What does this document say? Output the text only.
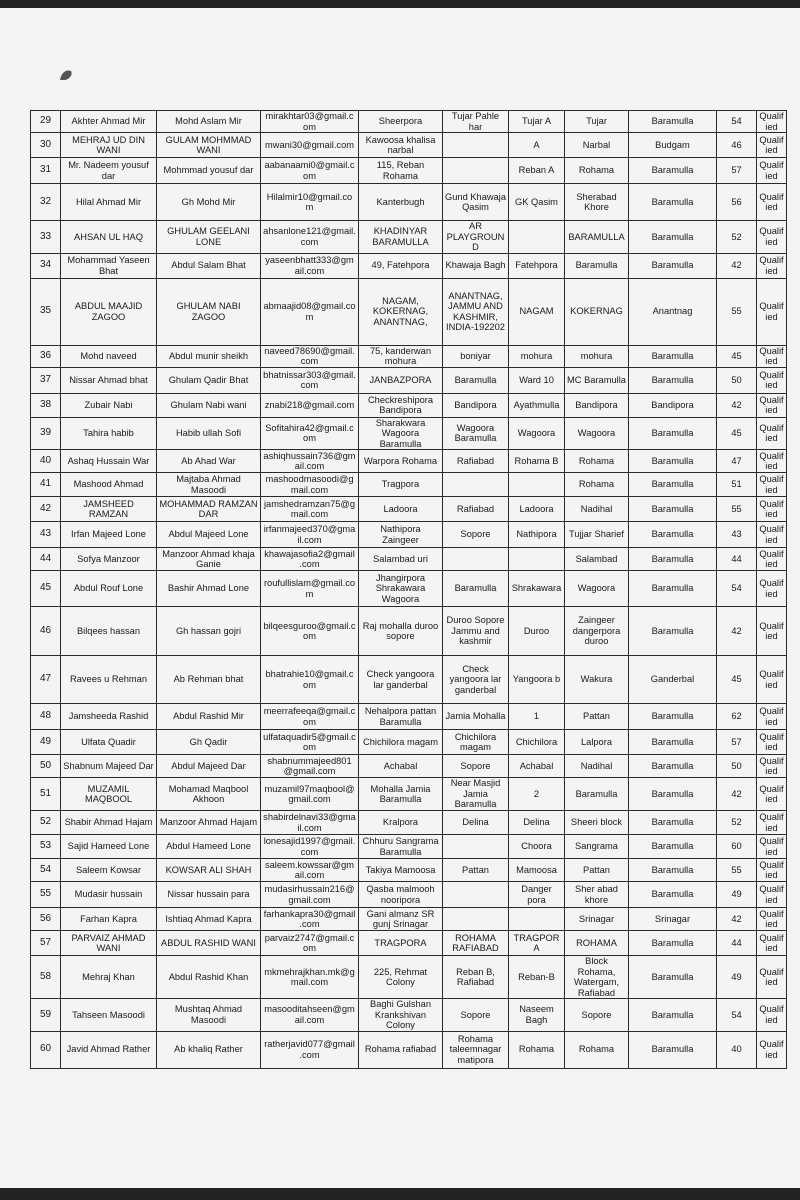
29	Akhter Ahmad Mir	Mohd Aslam Mir	mirakhtar03@gmail.com	Sheerpora	Tujar Pahle har	Tujar A	Tujar	Baramulla	54	Qualified
30	MEHRAJ UD DIN WANI	GULAM MOHMMAD WANI	mwani30@gmail.com	Kawoosa khalisa narbal		A	Narbal	Budgam	46	Qualified
31	Mr. Nadeem yousuf dar	Mohmmad yousuf dar	aabanaami0@gmail.com	115, Reban Rohama		Reban A	Rohama	Baramulla	57	Qualified
32	Hilal Ahmad Mir	Gh Mohd Mir	Hilalmir10@gmail.com	Kanterbugh	Gund Khawaja Qasim	GK Qasim	Sherabad Khore	Baramulla	56	Qualified
33	AHSAN UL HAQ	GHULAM GEELANI LONE	ahsanlone121@gmail.com	KHADINYAR BARAMULLA	AR PLAYGROUND		BARAMULLA	Baramulla	52	Qualified
34	Mohammad Yaseen Bhat	Abdul Salam Bhat	yaseenbhatt333@gmail.com	49, Fatehpora	Khawaja Bagh	Fatehpora	Baramulla	Baramulla	42	Qualified
35	ABDUL MAAJID ZAGOO	GHULAM NABI ZAGOO	abmaajid08@gmail.com	NAGAM, KOKERNAG, ANANTNAG,	ANANTNAG, JAMMU AND KASHMIR, INDIA-192202	NAGAM	KOKERNAG	Anantnag	55	Qualified
36	Mohd naveed	Abdul munir sheikh	naveed78690@gmail.com	75, kanderwan mohura	boniyar	mohura	mohura	Baramulla	45	Qualified
37	Nissar Ahmad bhat	Ghulam Qadir Bhat	bhatnissar303@gmail.com	JANBAZPORA	Baramulla	Ward 10	MC Baramulla	Baramulla	50	Qualified
38	Zubair Nabi	Ghulam Nabi wani	znabi218@gmail.com	Checkreshipora Bandipora	Bandipora	Ayathmulla	Bandipora	Bandipora	42	Qualified
39	Tahira habib	Habib ullah Sofi	Sofitahira42@gmail.com	Sharakwara Wagoora Baramulla	Wagoora Baramulla	Wagoora	Wagoora	Baramulla	45	Qualified
40	Ashaq Hussain War	Ab Ahad War	ashiqhussain736@gmail.com	Warpora Rohama	Rafiabad	Rohama B	Rohama	Baramulla	47	Qualified
41	Mashood Ahmad	Majtaba Ahmad Masoodi	mashoodmasoodi@gmail.com	Tragpora			Rohama	Baramulla	51	Qualified
42	JAMSHEED RAMZAN	MOHAMMAD RAMZAN DAR	jamshedramzan75@gmail.com	Ladoora	Rafiabad	Ladoora	Nadihal	Baramulla	55	Qualified
43	Irfan Majeed Lone	Abdul Majeed Lone	irfanmajeed370@gmail.com	Nathipora Zaingeer	Sopore	Nathipora	Tujjar Sharief	Baramulla	43	Qualified
44	Sofya Manzoor	Manzoor Ahmad khaja Ganie	khawajasofia2@gmail.com	Salambad uri			Salambad	Baramulla	44	Qualified
45	Abdul Rouf Lone	Bashir Ahmad Lone	roufullislam@gmail.com	Jhangirpora Shrakawara Wagoora	Baramulla	Shrakawara	Wagoora	Baramulla	54	Qualified
46	Bilqees hassan	Gh hassan gojri	bilqeesguroo@gmail.com	Raj mohalla duroo sopore	Duroo Sopore Jammu and kashmir	Duroo	Zaingeer dangerpora duroo	Baramulla	42	Qualified
47	Ravees u Rehman	Ab Rehman bhat	bhatrahie10@gmail.com	Check yangoora lar ganderbal	Check yangoora lar ganderbal	Yangoora b	Wakura	Ganderbal	45	Qualified
48	Jamsheeda Rashid	Abdul Rashid Mir	meerrafeeqa@gmail.com	Nehalpora pattan Baramulla	Jamia Mohalla	1	Pattan	Baramulla	62	Qualified
49	Ulfata Quadir	Gh Qadir	ulfataquadir5@gmail.com	Chichilora magam	Chichilora magam	Chichilora	Lalpora	Baramulla	57	Qualified
50	Shabnum Majeed Dar	Abdul Majeed Dar	shabnummajeed801@gmail.com	Achabal	Sopore	Achabal	Nadihal	Baramulla	50	Qualified
51	MUZAMIL MAQBOOL	Mohamad Maqbool Akhoon	muzamil97maqbool@gmail.com	Mohalla Jamia Baramulla	Near Masjid Jamia Baramulla	2	Baramulla	Baramulla	42	Qualified
52	Shabir Ahmad Hajam	Manzoor Ahmad Hajam	shabirdelnavi33@gmail.com	Kralpora	Delina	Delina	Sheeri block	Baramulla	52	Qualified
53	Sajid Hameed Lone	Abdul Hameed Lone	lonesajid1997@gmail.com	Chhuru Sangrama Baramulla		Choora	Sangrama	Baramulla	60	Qualified
54	Saleem Kowsar	KOWSAR ALI SHAH	saleem.kowssar@gmail.com	Takiya Mamoosa	Pattan	Mamoosa	Pattan	Baramulla	55	Qualified
55	Mudasir hussain	Nissar hussain para	mudasirhussain216@gmail.com	Qasba malmooh nooripora		Danger pora	Sher abad khore	Baramulla	49	Qualified
56	Farhan Kapra	Ishtiaq Ahmad Kapra	farhankapra30@gmail.com	Gani almanz SR gunj Srinagar			Srinagar	Srinagar	42	Qualified
57	PARVAIZ AHMAD WANI	ABDUL RASHID WANI	parvaiz2747@gmail.com	TRAGPORA	ROHAMA RAFIABAD	TRAGPORA	ROHAMA	Baramulla	44	Qualified
58	Mehraj Khan	Abdul Rashid Khan	mkmehrajkhan.mk@gmail.com	225, Rehmat Colony	Reban B, Rafiabad	Reban-B	Block Rohama, Watergam, Rafiabad	Baramulla	49	Qualified
59	Tahseen Masoodi	Mushtaq Ahmad Masoodi	masooditahseen@gmail.com	Baghi Gulshan Krankshivan Colony	Sopore	Naseem Bagh	Sopore	Baramulla	54	Qualified
60	Javid Ahmad Rather	Ab khaliq Rather	ratherjavid077@gmail.com	Rohama rafiabad	Rohama taleemnagar matipora	Rohama	Rohama	Baramulla	40	Qualified
